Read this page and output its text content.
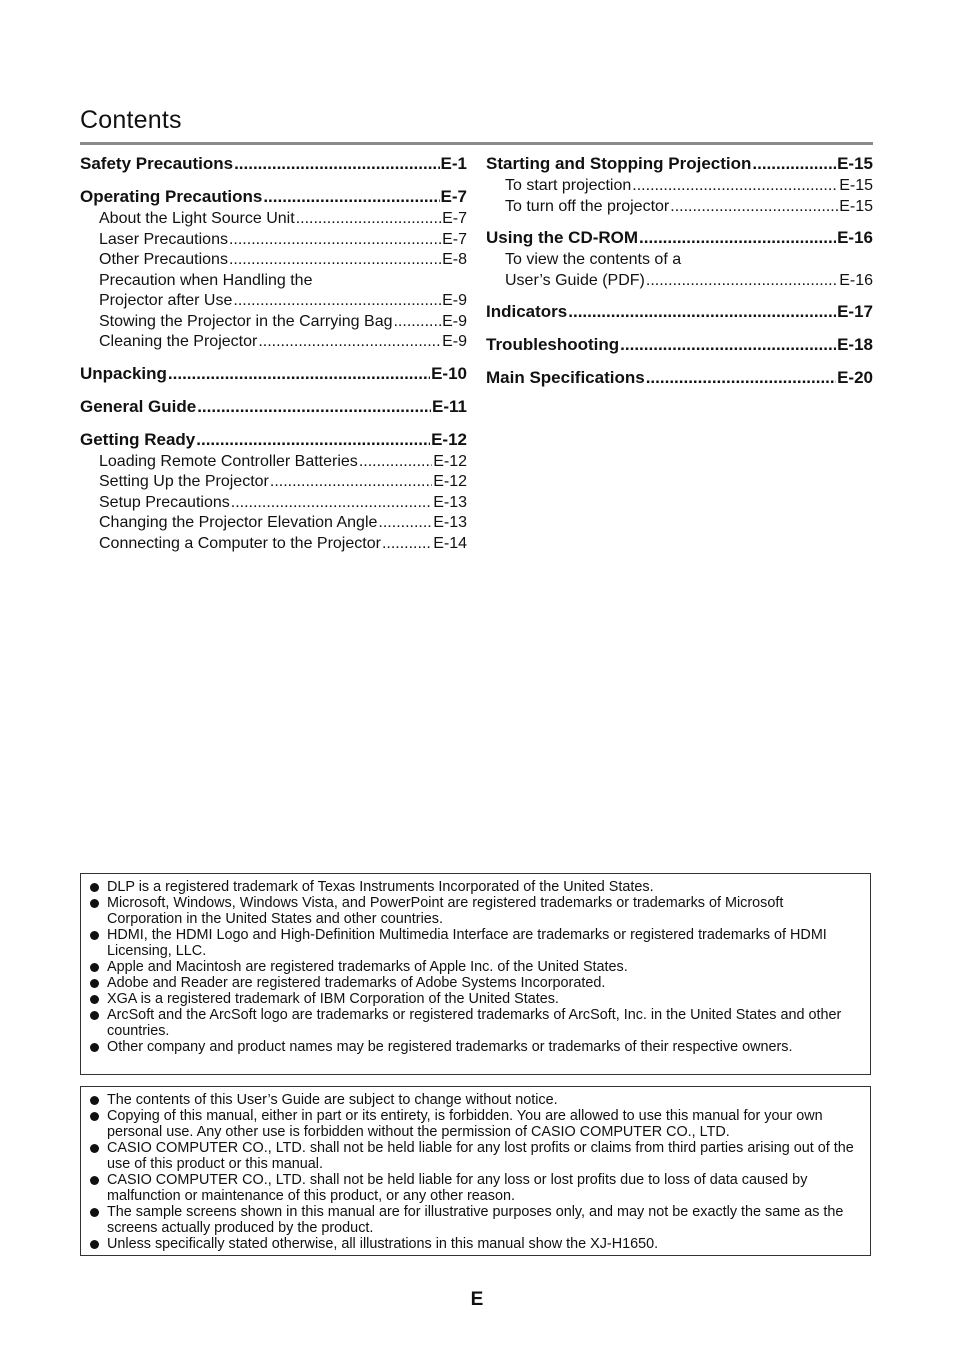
Contents
Safety Precautions .....	E-1
Operating Precautions .....	E-7
About the Light Source Unit .....	E-7
Laser Precautions .....	E-7
Other Precautions .....	E-8
Precaution when Handling the
Projector after Use .....	E-9
Stowing the Projector in the Carrying Bag .....	E-9
Cleaning the Projector .....	E-9
Unpacking .....	E-10
General Guide .....	E-11
Getting Ready .....	E-12
Loading Remote Controller Batteries .....	E-12
Setting Up the Projector .....	E-12
Setup Precautions .....	E-13
Changing the Projector Elevation Angle .....	E-13
Connecting a Computer to the Projector .....	E-14
Starting and Stopping Projection .....	E-15
To start projection .....	E-15
To turn off the projector .....	E-15
Using the CD-ROM .....	E-16
To view the contents of a
User’s Guide (PDF) .....	E-16
Indicators .....	E-17
Troubleshooting .....	E-18
Main Specifications .....	E-20
DLP is a registered trademark of Texas Instruments Incorporated of the United States.
Microsoft, Windows, Windows Vista, and PowerPoint are registered trademarks or trademarks of Microsoft Corporation in the United States and other countries.
HDMI, the HDMI Logo and High-Definition Multimedia Interface are trademarks or registered trademarks of HDMI Licensing, LLC.
Apple and Macintosh are registered trademarks of Apple Inc. of the United States.
Adobe and Reader are registered trademarks of Adobe Systems Incorporated.
XGA is a registered trademark of IBM Corporation of the United States.
ArcSoft and the ArcSoft logo are trademarks or registered trademarks of ArcSoft, Inc. in the United States and other countries.
Other company and product names may be registered trademarks or trademarks of their respective owners.
The contents of this User’s Guide are subject to change without notice.
Copying of this manual, either in part or its entirety, is forbidden. You are allowed to use this manual for your own personal use. Any other use is forbidden without the permission of CASIO COMPUTER CO., LTD.
CASIO COMPUTER CO., LTD. shall not be held liable for any lost profits or claims from third parties arising out of the use of this product or this manual.
CASIO COMPUTER CO., LTD. shall not be held liable for any loss or lost profits due to loss of data caused by malfunction or maintenance of this product, or any other reason.
The sample screens shown in this manual are for illustrative purposes only, and may not be exactly the same as the screens actually produced by the product.
Unless specifically stated otherwise, all illustrations in this manual show the XJ-H1650.
E
